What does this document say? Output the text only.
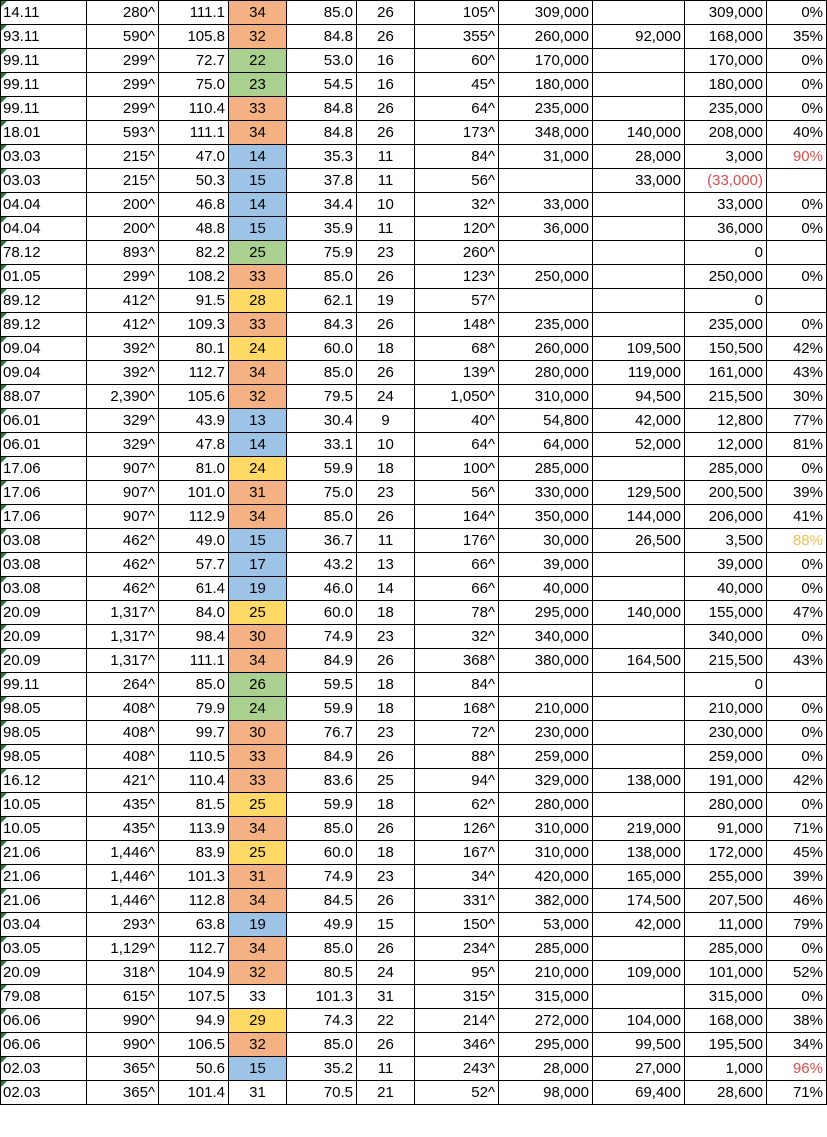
14.11	280^	111.1	34	85.0	26	105^	309,000		309,000	0%
93.11	590^	105.8	32	84.8	26	355^	260,000	92,000	168,000	35%
99.11	299^	72.7	22	53.0	16	60^	170,000		170,000	0%
99.11	299^	75.0	23	54.5	16	45^	180,000		180,000	0%
99.11	299^	110.4	33	84.8	26	64^	235,000		235,000	0%
18.01	593^	111.1	34	84.8	26	173^	348,000	140,000	208,000	40%
03.03	215^	47.0	14	35.3	11	84^	31,000	28,000	3,000	90%
03.03	215^	50.3	15	37.8	11	56^		33,000	(33,000)	
04.04	200^	46.8	14	34.4	10	32^	33,000		33,000	0%
04.04	200^	48.8	15	35.9	11	120^	36,000		36,000	0%
78.12	893^	82.2	25	75.9	23	260^			0	
01.05	299^	108.2	33	85.0	26	123^	250,000		250,000	0%
89.12	412^	91.5	28	62.1	19	57^			0	
89.12	412^	109.3	33	84.3	26	148^	235,000		235,000	0%
09.04	392^	80.1	24	60.0	18	68^	260,000	109,500	150,500	42%
09.04	392^	112.7	34	85.0	26	139^	280,000	119,000	161,000	43%
88.07	2,390^	105.6	32	79.5	24	1,050^	310,000	94,500	215,500	30%
06.01	329^	43.9	13	30.4	9	40^	54,800	42,000	12,800	77%
06.01	329^	47.8	14	33.1	10	64^	64,000	52,000	12,000	81%
17.06	907^	81.0	24	59.9	18	100^	285,000		285,000	0%
17.06	907^	101.0	31	75.0	23	56^	330,000	129,500	200,500	39%
17.06	907^	112.9	34	85.0	26	164^	350,000	144,000	206,000	41%
03.08	462^	49.0	15	36.7	11	176^	30,000	26,500	3,500	88%
03.08	462^	57.7	17	43.2	13	66^	39,000		39,000	0%
03.08	462^	61.4	19	46.0	14	66^	40,000		40,000	0%
20.09	1,317^	84.0	25	60.0	18	78^	295,000	140,000	155,000	47%
20.09	1,317^	98.4	30	74.9	23	32^	340,000		340,000	0%
20.09	1,317^	111.1	34	84.9	26	368^	380,000	164,500	215,500	43%
99.11	264^	85.0	26	59.5	18	84^			0	
98.05	408^	79.9	24	59.9	18	168^	210,000		210,000	0%
98.05	408^	99.7	30	76.7	23	72^	230,000		230,000	0%
98.05	408^	110.5	33	84.9	26	88^	259,000		259,000	0%
16.12	421^	110.4	33	83.6	25	94^	329,000	138,000	191,000	42%
10.05	435^	81.5	25	59.9	18	62^	280,000		280,000	0%
10.05	435^	113.9	34	85.0	26	126^	310,000	219,000	91,000	71%
21.06	1,446^	83.9	25	60.0	18	167^	310,000	138,000	172,000	45%
21.06	1,446^	101.3	31	74.9	23	34^	420,000	165,000	255,000	39%
21.06	1,446^	112.8	34	84.5	26	331^	382,000	174,500	207,500	46%
03.04	293^	63.8	19	49.9	15	150^	53,000	42,000	11,000	79%
03.05	1,129^	112.7	34	85.0	26	234^	285,000		285,000	0%
20.09	318^	104.9	32	80.5	24	95^	210,000	109,000	101,000	52%
79.08	615^	107.5	33	101.3	31	315^	315,000		315,000	0%
06.06	990^	94.9	29	74.3	22	214^	272,000	104,000	168,000	38%
06.06	990^	106.5	32	85.0	26	346^	295,000	99,500	195,500	34%
02.03	365^	50.6	15	35.2	11	243^	28,000	27,000	1,000	96%
02.03	365^	101.4	31	70.5	21	52^	98,000	69,400	28,600	71%
